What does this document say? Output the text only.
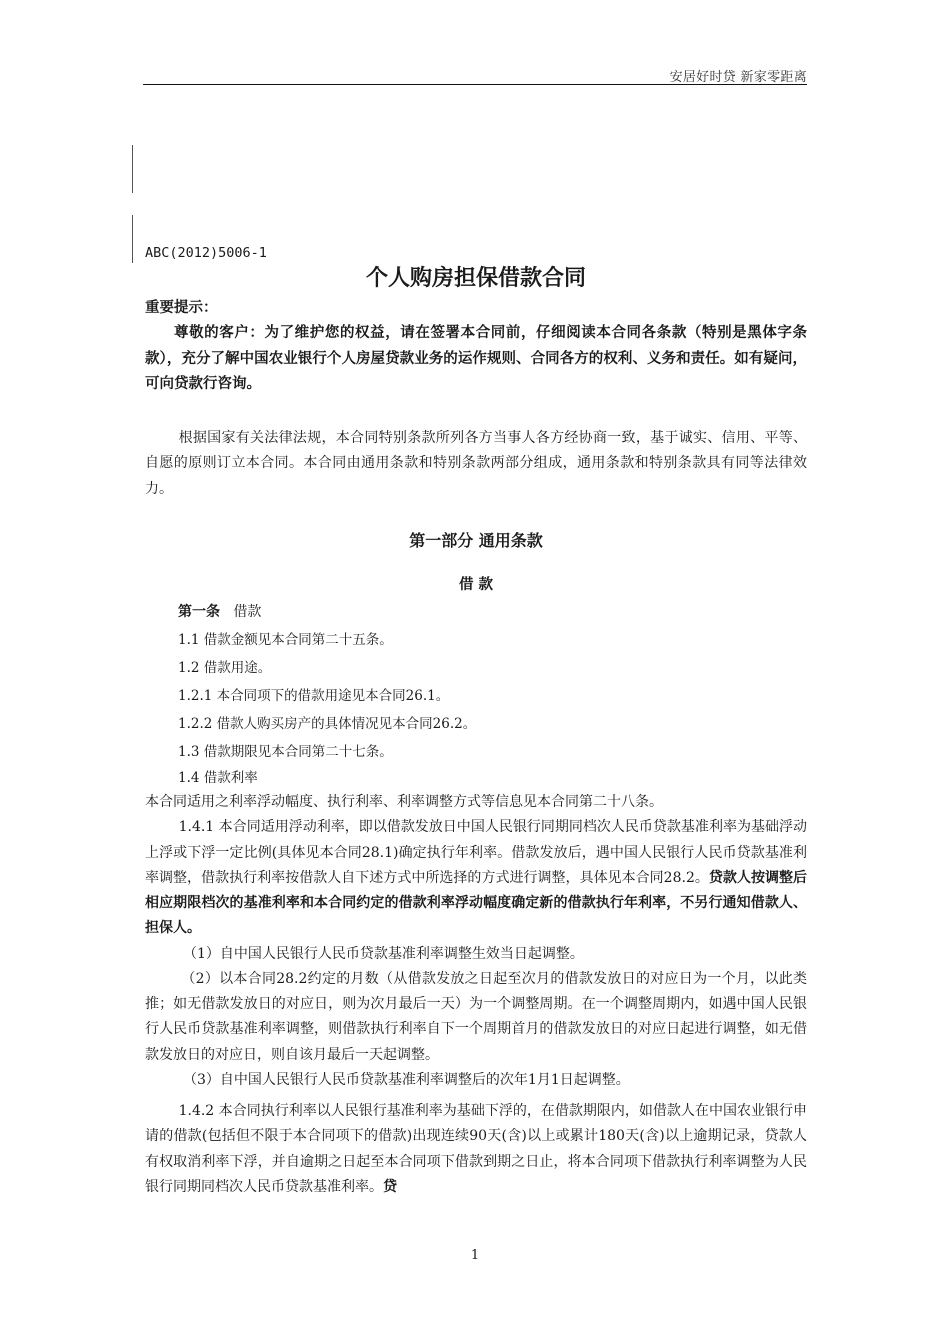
安居好时贷 新家零距离

ABC(2012)5006-1

个人购房担保借款合同

重要提示：

尊敬的客户：为了维护您的权益，请在签署本合同前，仔细阅读本合同各条款（特别是黑体字条款），充分了解中国农业银行个人房屋贷款业务的运作规则、合同各方的权利、义务和责任。如有疑问，可向贷款行咨询。

根据国家有关法律法规，本合同特别条款所列各方当事人各方经协商一致，基于诚实、信用、平等、自愿的原则订立本合同。本合同由通用条款和特别条款两部分组成，通用条款和特别条款具有同等法律效力。

第一部分 通用条款

借 款

第一条 借款

1.1 借款金额见本合同第二十五条。

1.2 借款用途。

1.2.1 本合同项下的借款用途见本合同26.1。

1.2.2 借款人购买房产的具体情况见本合同26.2。

1.3 借款期限见本合同第二十七条。

1.4 借款利率

本合同适用之利率浮动幅度、执行利率、利率调整方式等信息见本合同第二十八条。

1.4.1 本合同适用浮动利率，即以借款发放日中国人民银行同期同档次人民币贷款基准利率为基础浮动上浮或下浮一定比例(具体见本合同28.1)确定执行年利率。借款发放后，遇中国人民银行人民币贷款基准利率调整，借款执行利率按借款人自下述方式中所选择的方式进行调整，具体见本合同28.2。贷款人按调整后相应期限档次的基准利率和本合同约定的借款利率浮动幅度确定新的借款执行年利率，不另行通知借款人、担保人。

（1）自中国人民银行人民币贷款基准利率调整生效当日起调整。

（2）以本合同28.2约定的月数（从借款发放之日起至次月的借款发放日的对应日为一个月，以此类推；如无借款发放日的对应日，则为次月最后一天）为一个调整周期。在一个调整周期内，如遇中国人民银行人民币贷款基准利率调整，则借款执行利率自下一个周期首月的借款发放日的对应日起进行调整，如无借款发放日的对应日，则自该月最后一天起调整。

（3）自中国人民银行人民币贷款基准利率调整后的次年1月1日起调整。

1.4.2 本合同执行利率以人民银行基准利率为基础下浮的，在借款期限内，如借款人在中国农业银行申请的借款(包括但不限于本合同项下的借款)出现连续90天(含)以上或累计180天(含)以上逾期记录，贷款人有权取消利率下浮，并自逾期之日起至本合同项下借款到期之日止，将本合同项下借款执行利率调整为人民银行同期同档次人民币贷款基准利率。贷

1
